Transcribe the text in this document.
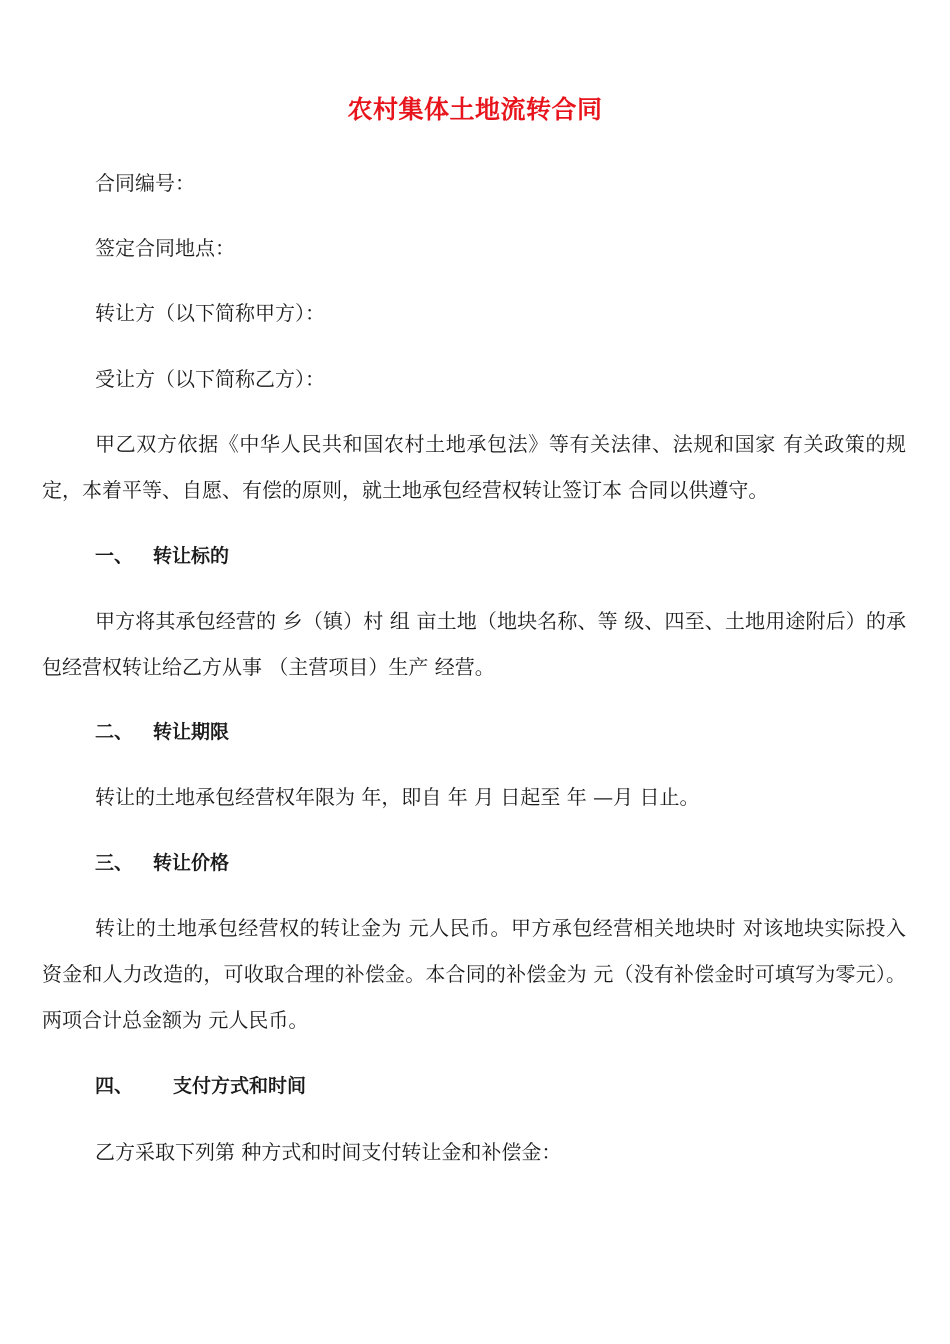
农村集体土地流转合同
合同编号：
签定合同地点：
转让方（以下简称甲方）：
受让方（以下简称乙方）：
甲乙双方依据《中华人民共和国农村土地承包法》等有关法律、法规和国家 有关政策的规定，本着平等、自愿、有偿的原则，就土地承包经营权转让签订本 合同以供遵守。
一、 转让标的
甲方将其承包经营的 乡（镇）村 组 亩土地（地块名称、等 级、四至、土地用途附后）的承包经营权转让给乙方从事 （主营项目）生产 经营。
二、 转让期限
转让的土地承包经营权年限为 年，即自 年 月 日起至 年 —月 日止。
三、 转让价格
转让的土地承包经营权的转让金为 元人民币。甲方承包经营相关地块时 对该地块实际投入资金和人力改造的，可收取合理的补偿金。本合同的补偿金为 元（没有补偿金时可填写为零元）。两项合计总金额为 元人民币。
四、 支付方式和时间
乙方采取下列第 种方式和时间支付转让金和补偿金：
